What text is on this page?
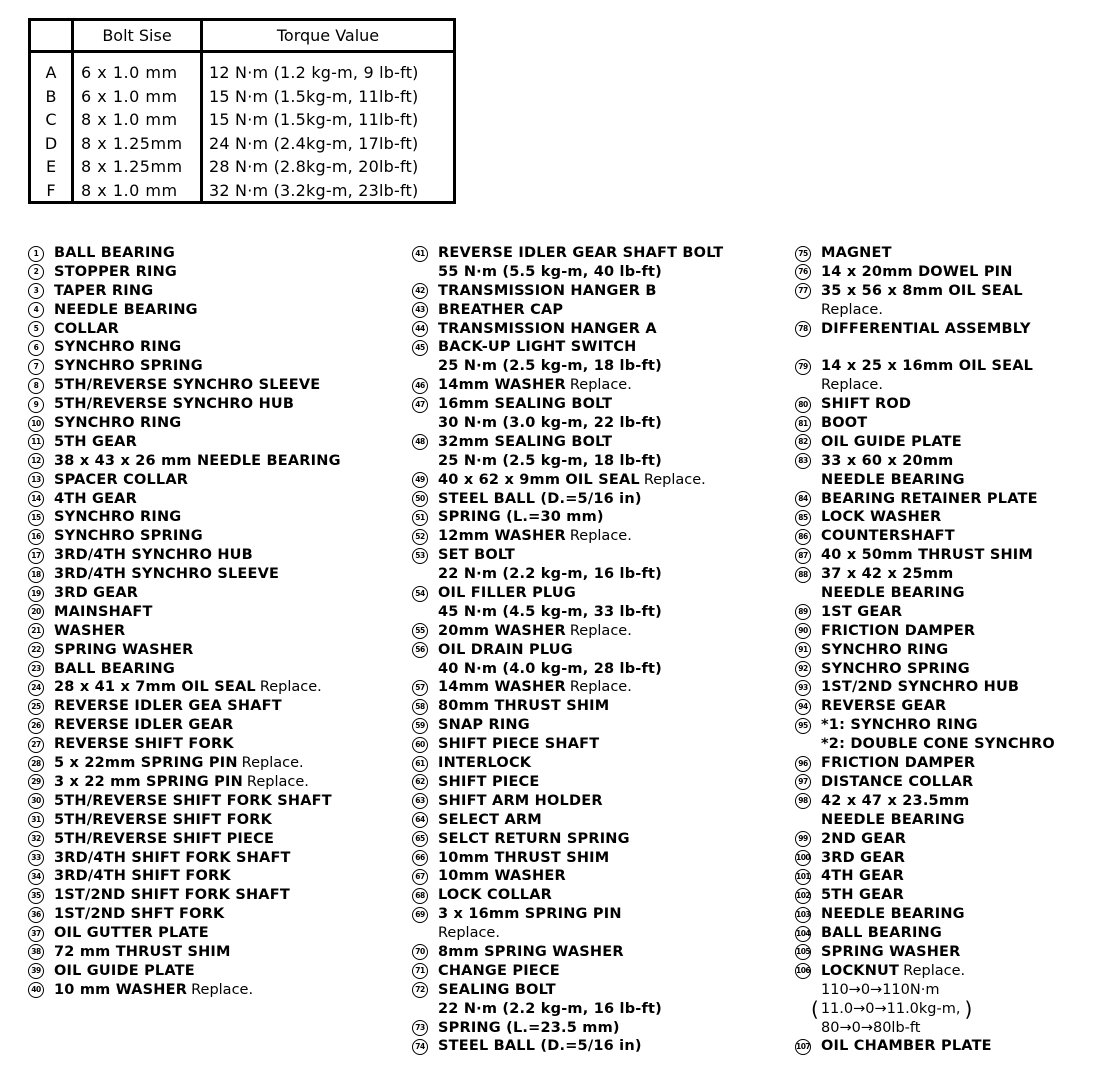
Bolt Sise	Torque Value
A	6 x 1.0 mm	12 N·m (1.2 kg-m, 9 lb-ft)
B	6 x 1.0 mm	15 N·m (1.5kg-m, 11lb-ft)
C	8 x 1.0 mm	15 N·m (1.5kg-m, 11lb-ft)
D	8 x 1.25mm	24 N·m (2.4kg-m, 17lb-ft)
E	8 x 1.25mm	28 N·m (2.8kg-m, 20lb-ft)
F	8 x 1.0 mm	32 N·m (3.2kg-m, 23lb-ft)
1	BALL BEARING
2	STOPPER RING
3	TAPER RING
4	NEEDLE BEARING
5	COLLAR
6	SYNCHRO RING
7	SYNCHRO SPRING
8	5TH/REVERSE SYNCHRO SLEEVE
9	5TH/REVERSE SYNCHRO HUB
10 SYNCHRO RING
11 5TH GEAR
12 38 x 43 x 26 mm NEEDLE BEARING
13 SPACER COLLAR
14 4TH GEAR
15 SYNCHRO RING
16 SYNCHRO SPRING
17 3RD/4TH SYNCHRO HUB
18 3RD/4TH SYNCHRO SLEEVE
19 3RD GEAR
20 MAINSHAFT
21 WASHER
22 SPRING WASHER
23 BALL BEARING
24 28 x 41 x 7mm OIL SEAL Replace.
25 REVERSE IDLER GEA SHAFT
26 REVERSE IDLER GEAR
27 REVERSE SHIFT FORK
28 5 x 22mm SPRING PIN Replace.
29 3 x 22 mm SPRING PIN Replace.
30 5TH/REVERSE SHIFT FORK SHAFT
31 5TH/REVERSE SHIFT FORK
32 5TH/REVERSE SHIFT PIECE
33 3RD/4TH SHIFT FORK SHAFT
34 3RD/4TH SHIFT FORK
35 1ST/2ND SHIFT FORK SHAFT
36 1ST/2ND SHFT FORK
37 OIL GUTTER PLATE
38 72 mm THRUST SHIM
39 OIL GUIDE PLATE
40 10 mm WASHER Replace.
41 REVERSE IDLER GEAR SHAFT BOLT
55 N·m (5.5 kg-m, 40 lb-ft)
42 TRANSMISSION HANGER B
43 BREATHER CAP
44 TRANSMISSION HANGER A
45 BACK-UP LIGHT SWITCH
25 N·m (2.5 kg-m, 18 lb-ft)
46 14mm WASHER Replace.
47 16mm SEALING BOLT
30 N·m (3.0 kg-m, 22 lb-ft)
48 32mm SEALING BOLT
25 N·m (2.5 kg-m, 18 lb-ft)
49 40 x 62 x 9mm OIL SEAL Replace.
50 STEEL BALL (D.=5/16 in)
51 SPRING (L.=30 mm)
52 12mm WASHER Replace.
53 SET BOLT
22 N·m (2.2 kg-m, 16 lb-ft)
54 OIL FILLER PLUG
45 N·m (4.5 kg-m, 33 lb-ft)
55 20mm WASHER Replace.
56 OIL DRAIN PLUG
40 N·m (4.0 kg-m, 28 lb-ft)
57 14mm WASHER Replace.
58 80mm THRUST SHIM
59 SNAP RING
60 SHIFT PIECE SHAFT
61 INTERLOCK
62 SHIFT PIECE
63 SHIFT ARM HOLDER
64 SELECT ARM
65 SELCT RETURN SPRING
66 10mm THRUST SHIM
67 10mm WASHER
68 LOCK COLLAR
69 3 x 16mm SPRING PIN
Replace.
70 8mm SPRING WASHER
71 CHANGE PIECE
72 SEALING BOLT
22 N·m (2.2 kg-m, 16 lb-ft)
73 SPRING (L.=23.5 mm)
74 STEEL BALL (D.=5/16 in)
75 MAGNET
76 14 x 20mm DOWEL PIN
77 35 x 56 x 8mm OIL SEAL
Replace.
78 DIFFERENTIAL ASSEMBLY
79 14 x 25 x 16mm OIL SEAL
Replace.
80 SHIFT ROD
81 BOOT
82 OIL GUIDE PLATE
83 33 x 60 x 20mm
NEEDLE BEARING
84 BEARING RETAINER PLATE
85 LOCK WASHER
86 COUNTERSHAFT
87 40 x 50mm THRUST SHIM
88 37 x 42 x 25mm
NEEDLE BEARING
89 1ST GEAR
90 FRICTION DAMPER
91 SYNCHRO RING
92 SYNCHRO SPRING
93 1ST/2ND SYNCHRO HUB
94 REVERSE GEAR
95 *1: SYNCHRO RING
*2: DOUBLE CONE SYNCHRO
96 FRICTION DAMPER
97 DISTANCE COLLAR
98 42 x 47 x 23.5mm
NEEDLE BEARING
99 2ND GEAR
100 3RD GEAR
101 4TH GEAR
102 5TH GEAR
103 NEEDLE BEARING
104 BALL BEARING
105 SPRING WASHER
106 LOCKNUT Replace.
110→0→110N·m
( 11.0→0→11.0kg-m, )
80→0→80lb-ft
107 OIL CHAMBER PLATE
